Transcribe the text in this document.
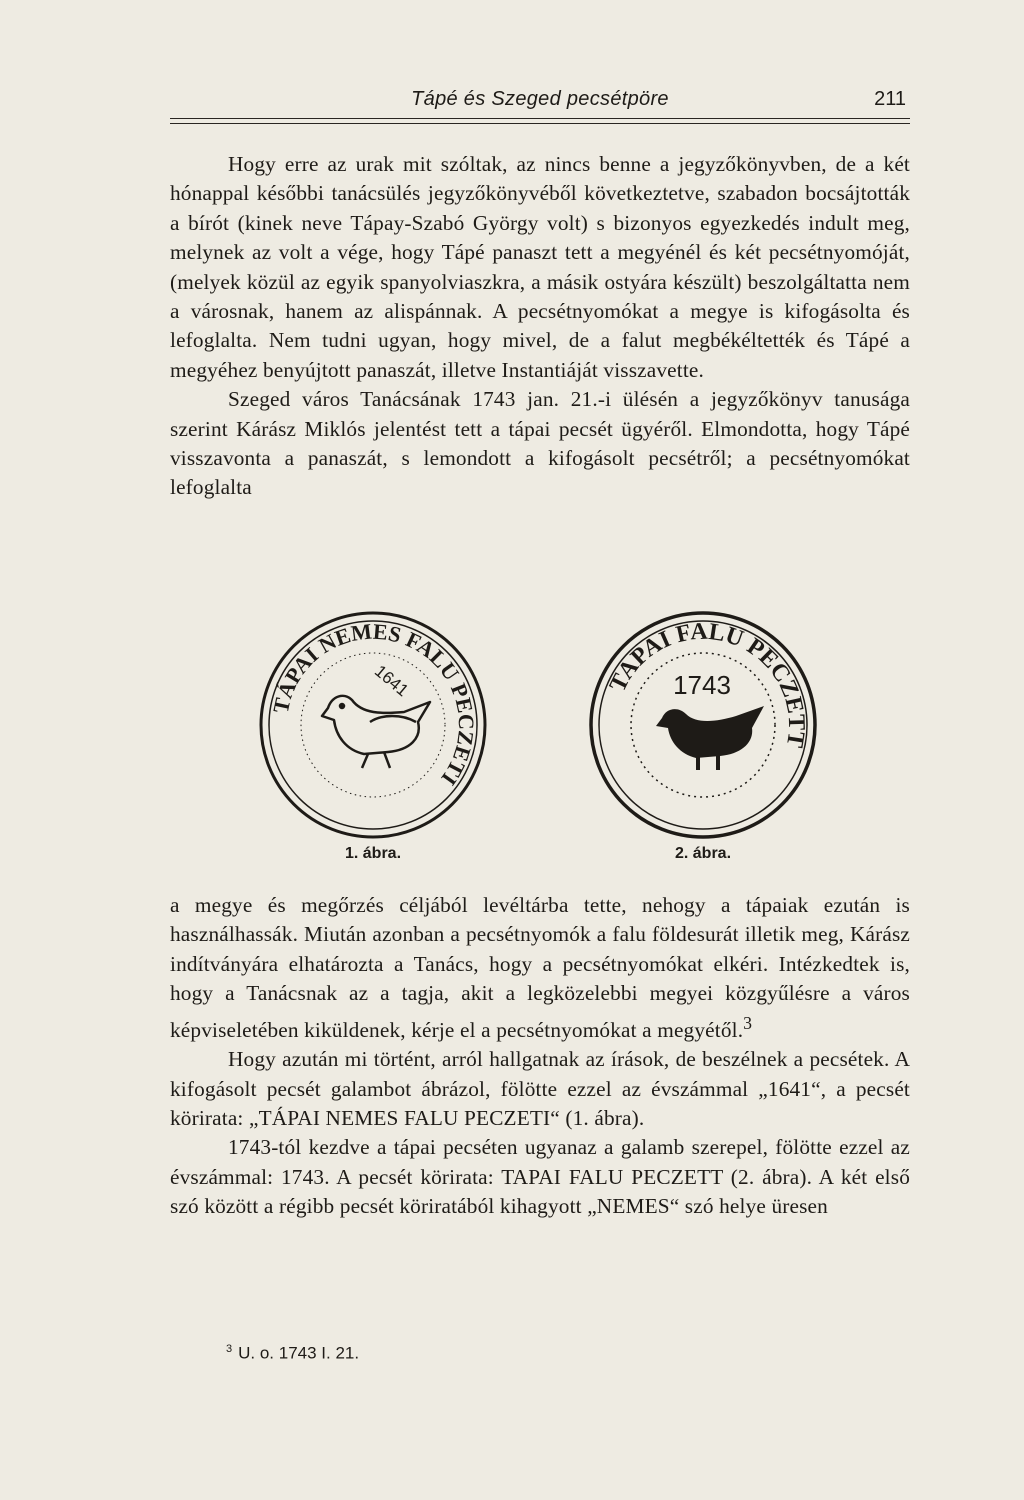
Tápé és Szeged pecsétpöre	211

Hogy erre az urak mit szóltak, az nincs benne a jegyzőkönyvben, de a két hónappal későbbi tanácsülés jegyzőkönyvéből következtetve, szabadon bocsájtották a bírót (kinek neve Tápay-Szabó György volt) s bizonyos egyezkedés indult meg, melynek az volt a vége, hogy Tápé panaszt tett a megyénél és két pecsétnyomóját, (melyek közül az egyik spanyolviaszkra, a másik ostyára készült) beszolgáltatta nem a városnak, hanem az alispánnak. A pecsétnyomókat a megye is kifogásolta és lefoglalta. Nem tudni ugyan, hogy mivel, de a falut megbékéltették és Tápé a megyéhez benyújtott panaszát, illetve Instantiáját visszavette.

Szeged város Tanácsának 1743 jan. 21.-i ülésén a jegyzőkönyv tanusága szerint Kárász Miklós jelentést tett a tápai pecsét ügyéről. Elmondotta, hogy Tápé visszavonta a panaszát, s lemondott a kifogásolt pecsétről; a pecsétnyomókat lefoglalta

TÁPAI NEMES FALU PECZETI
1641
1. ábra.
TAPAI FALU PECZETT
1743
2. ábra.

a megye és megőrzés céljából levéltárba tette, nehogy a tápaiak ezután is használhassák. Miután azonban a pecsétnyomók a falu földesurát illetik meg, Kárász indítványára elhatározta a Tanács, hogy a pecsétnyomókat elkéri. Intézkedtek is, hogy a Tanácsnak az a tagja, akit a legközelebbi megyei közgyűlésre a város képviseletében kiküldenek, kérje el a pecsétnyomókat a megyétől.$^3$

Hogy azután mi történt, arról hallgatnak az írások, de beszélnek a pecsétek. A kifogásolt pecsét galambot ábrázol, fölötte ezzel az évszámmal „1641“, a pecsét körirata: „TÁPAI NEMES FALU PECZETI“ (1. ábra).

1743-tól kezdve a tápai pecséten ugyanaz a galamb szerepel, fölötte ezzel az évszámmal: 1743. A pecsét körirata: TAPAI FALU PECZETT (2. ábra). A két első szó között a régibb pecsét köriratából kihagyott „NEMES“ szó helye üresen

$^3$ U. o. 1743 I. 21.
